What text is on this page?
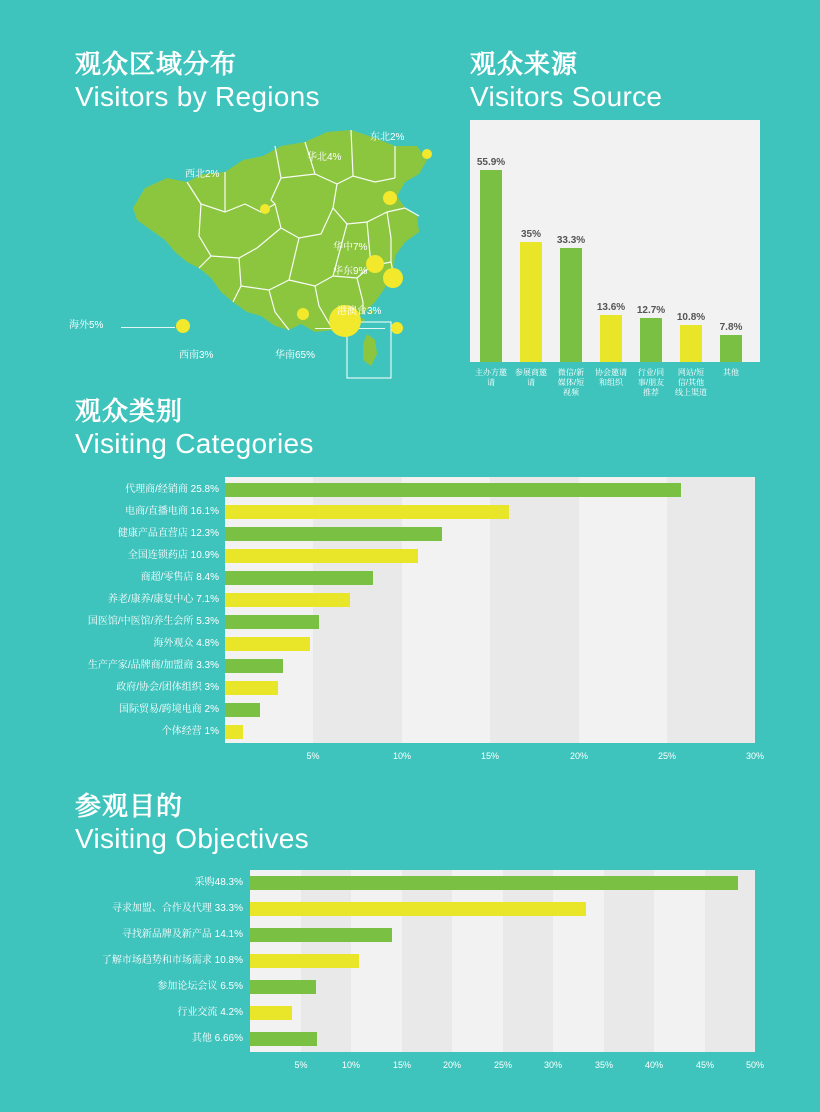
观众区域分布
Visitors by Regions
东北2%
华北4%
西北2%
华中7%
华东9%
港澳台3%
海外5%
西南3%	华南65%
观众来源
Visitors Source
55.9%
35%
33.3%
13.6% 12.7%
10.8%
7.8%
主办方邀请
参展商邀请
微信/新媒体/短视频
协会邀请和组织
行业/同事/朋友推荐
网站/短信/其他线上渠道
其他
观众类别
Visiting Categories
代理商/经销商 25.8%
电商/直播电商 16.1%
健康产品直营店 12.3%
全国连锁药店 10.9%
商超/零售店 8.4%
养老/康养/康复中心 7.1%
国医馆/中医馆/养生会所 5.3%
海外观众 4.8%
生产产家/品牌商/加盟商 3.3%
政府/协会/团体组织 3%
国际贸易/跨境电商 2%
个体经营 1%
5%	10%	15%	20%	25%	30%
参观目的
Visiting Objectives
采购48.3%
寻求加盟、合作及代理 33.3%
寻找新品牌及新产品 14.1%
了解市场趋势和市场需求 10.8%
参加论坛会议 6.5%
行业交流 4.2%
其他 6.66%
5%	10%	15%	20%	25%	30%	35%	40%	45%	50%
